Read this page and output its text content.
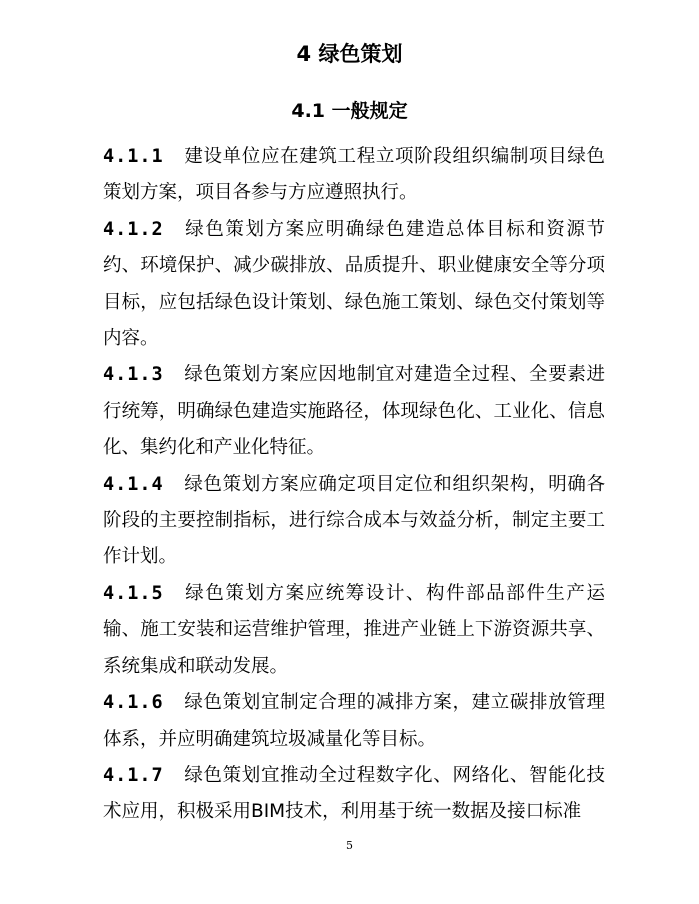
4 绿色策划
4.1 一般规定

4.1.1 建设单位应在建筑工程立项阶段组织编制项目绿色策划方案，项目各参与方应遵照执行。

4.1.2 绿色策划方案应明确绿色建造总体目标和资源节约、环境保护、减少碳排放、品质提升、职业健康安全等分项目标，应包括绿色设计策划、绿色施工策划、绿色交付策划等内容。

4.1.3 绿色策划方案应因地制宜对建造全过程、全要素进行统筹，明确绿色建造实施路径，体现绿色化、工业化、信息化、集约化和产业化特征。

4.1.4 绿色策划方案应确定项目定位和组织架构，明确各阶段的主要控制指标，进行综合成本与效益分析，制定主要工作计划。

4.1.5 绿色策划方案应统筹设计、构件部品部件生产运输、施工安装和运营维护管理，推进产业链上下游资源共享、系统集成和联动发展。

4.1.6 绿色策划宜制定合理的减排方案，建立碳排放管理体系，并应明确建筑垃圾减量化等目标。

4.1.7 绿色策划宜推动全过程数字化、网络化、智能化技术应用，积极采用BIM技术，利用基于统一数据及接口标准

5
